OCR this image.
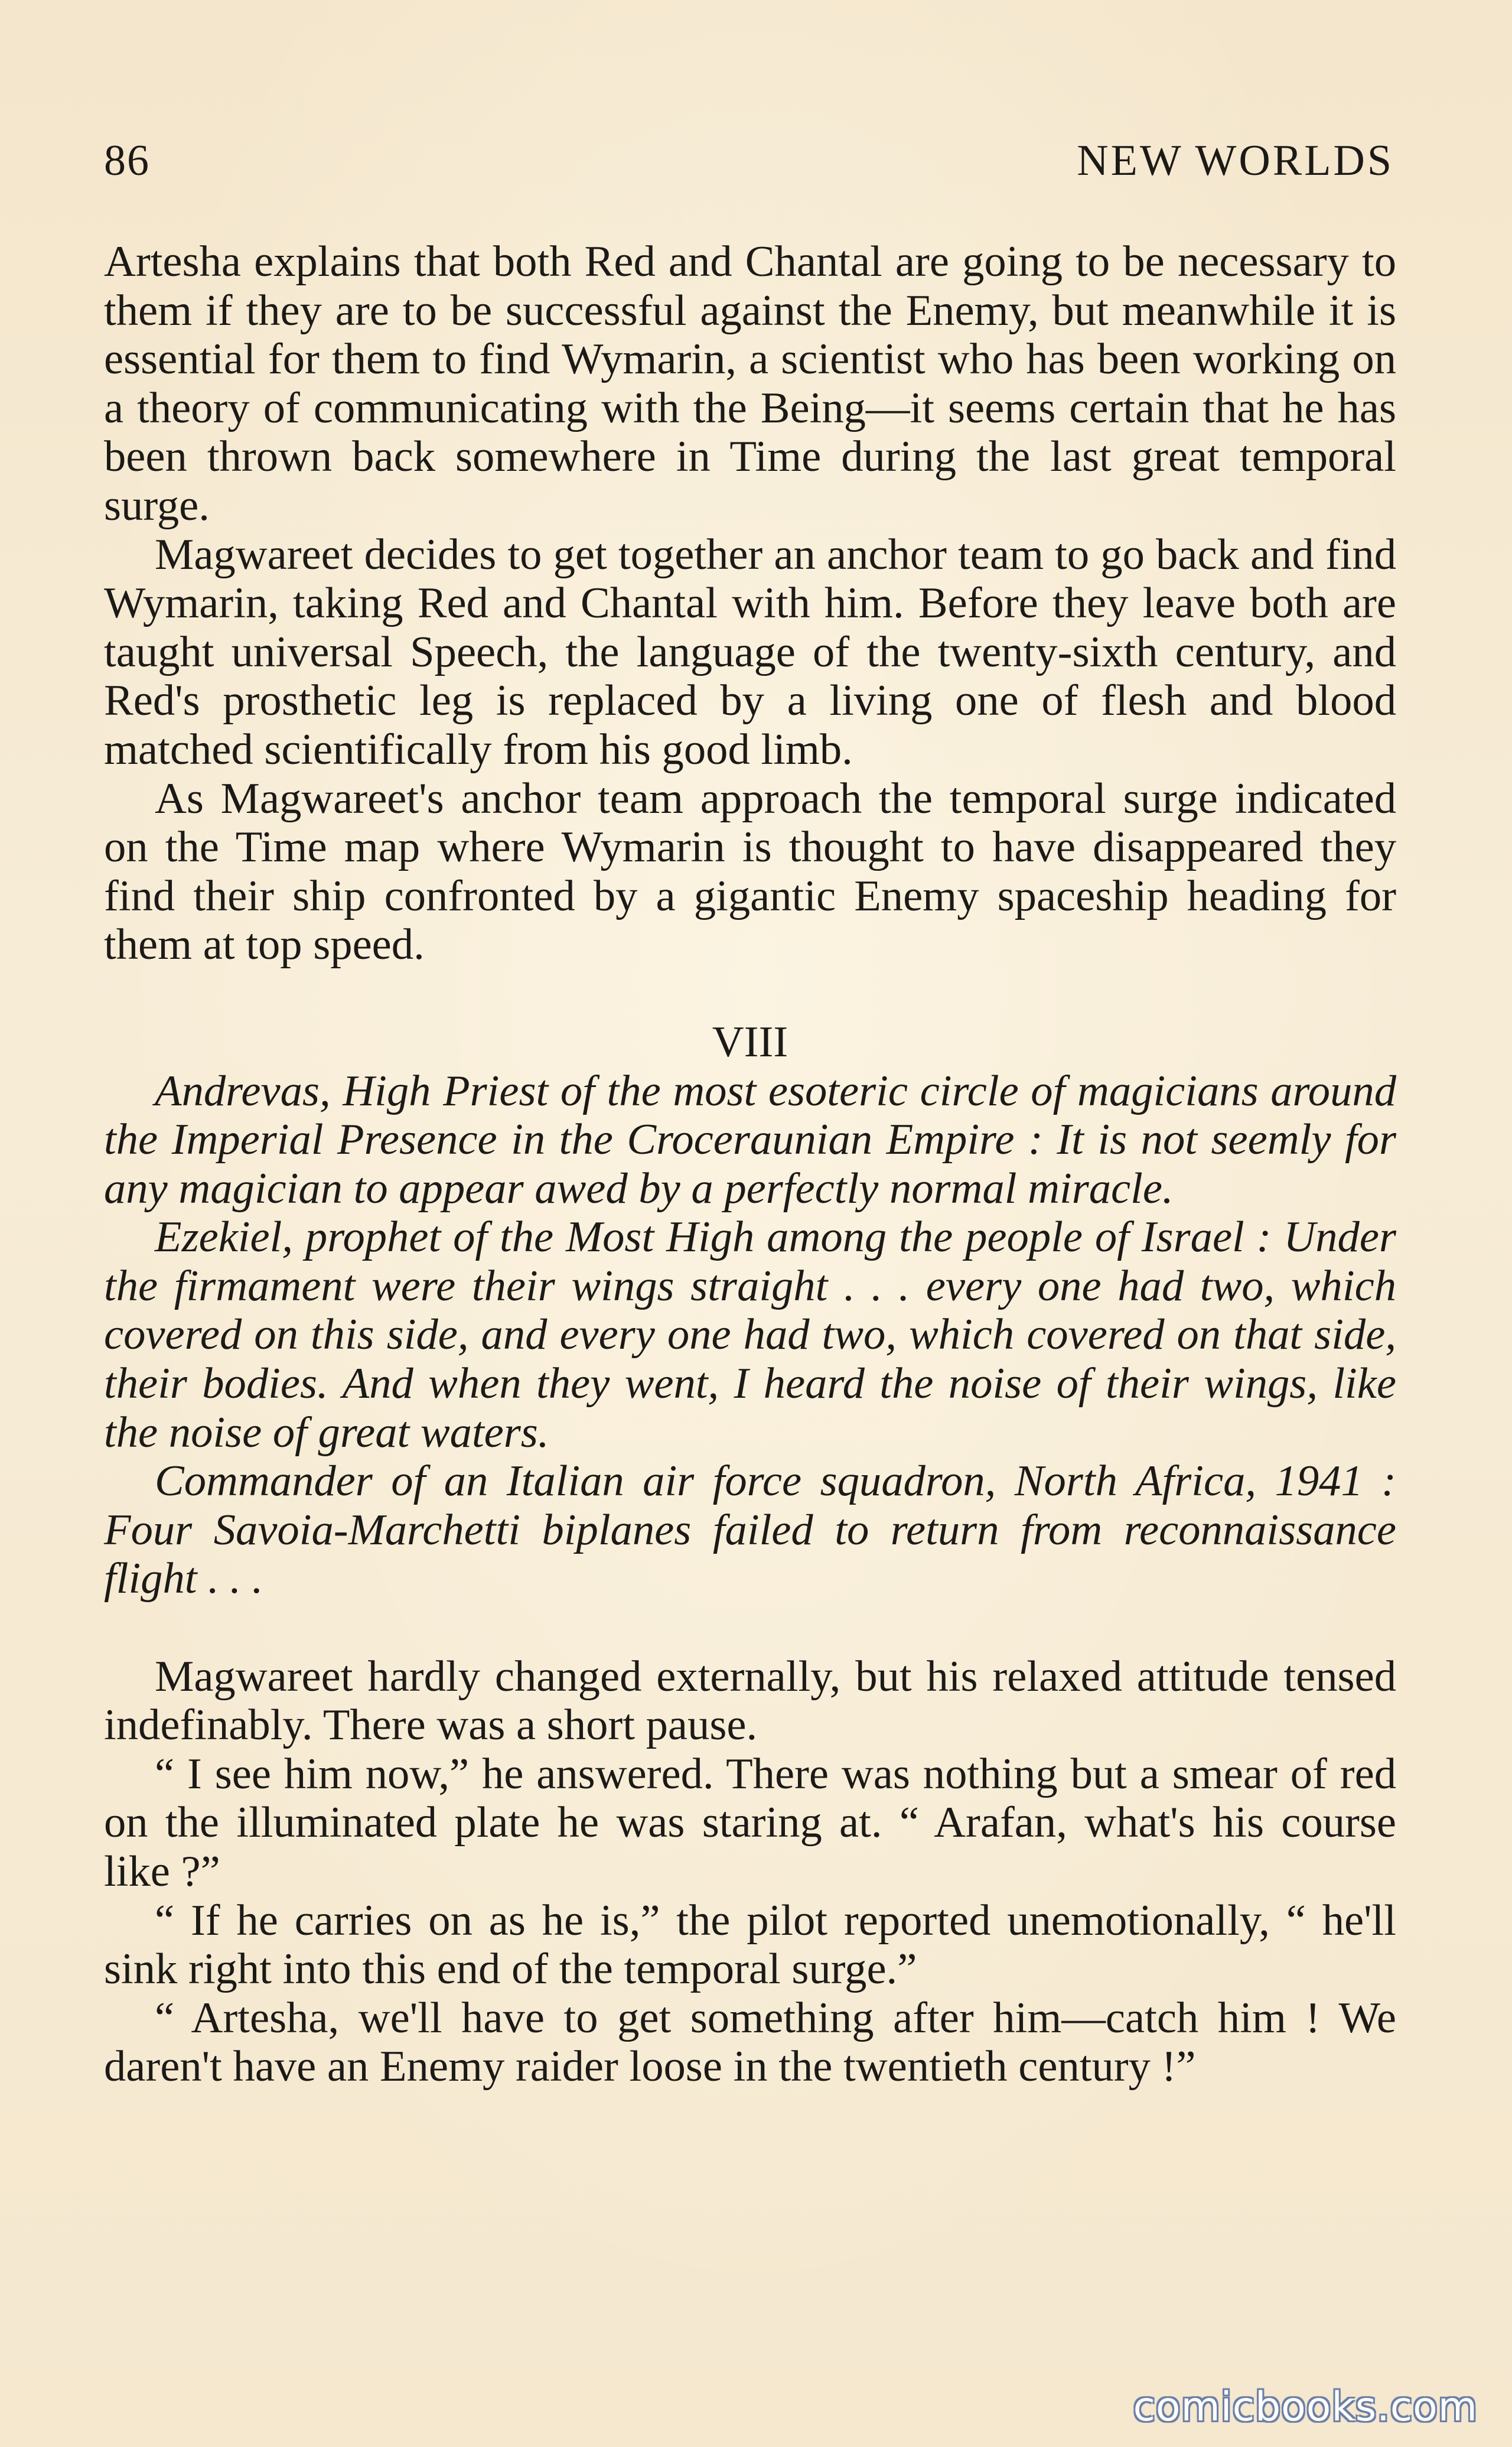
86	NEW WORLDS

Artesha explains that both Red and Chantal are going to be necessary to them if they are to be successful against the Enemy, but meanwhile it is essential for them to find Wymarin, a scientist who has been working on a theory of communicating with the Being—it seems certain that he has been thrown back somewhere in Time during the last great temporal surge.

Magwareet decides to get together an anchor team to go back and find Wymarin, taking Red and Chantal with him. Before they leave both are taught universal Speech, the language of the twenty-sixth century, and Red's prosthetic leg is replaced by a living one of flesh and blood matched scientifically from his good limb.

As Magwareet's anchor team approach the temporal surge indicated on the Time map where Wymarin is thought to have disappeared they find their ship confronted by a gigantic Enemy spaceship heading for them at top speed.

VIII

Andrevas, High Priest of the most esoteric circle of magicians around the Imperial Presence in the Croceraunian Empire : It is not seemly for any magician to appear awed by a perfectly normal miracle.

Ezekiel, prophet of the Most High among the people of Israel : Under the firmament were their wings straight . . . every one had two, which covered on this side, and every one had two, which covered on that side, their bodies. And when they went, I heard the noise of their wings, like the noise of great waters.

Commander of an Italian air force squadron, North Africa, 1941 : Four Savoia-Marchetti biplanes failed to return from reconnaissance flight . . .

Magwareet hardly changed externally, but his relaxed attitude tensed indefinably. There was a short pause.

“ I see him now,” he answered. There was nothing but a smear of red on the illuminated plate he was staring at. “ Arafan, what's his course like ?”

“ If he carries on as he is,” the pilot reported unemotionally, “ he'll sink right into this end of the temporal surge.”

“ Artesha, we'll have to get something after him—catch him ! We daren't have an Enemy raider loose in the twentieth century !”

comicbooks.com
